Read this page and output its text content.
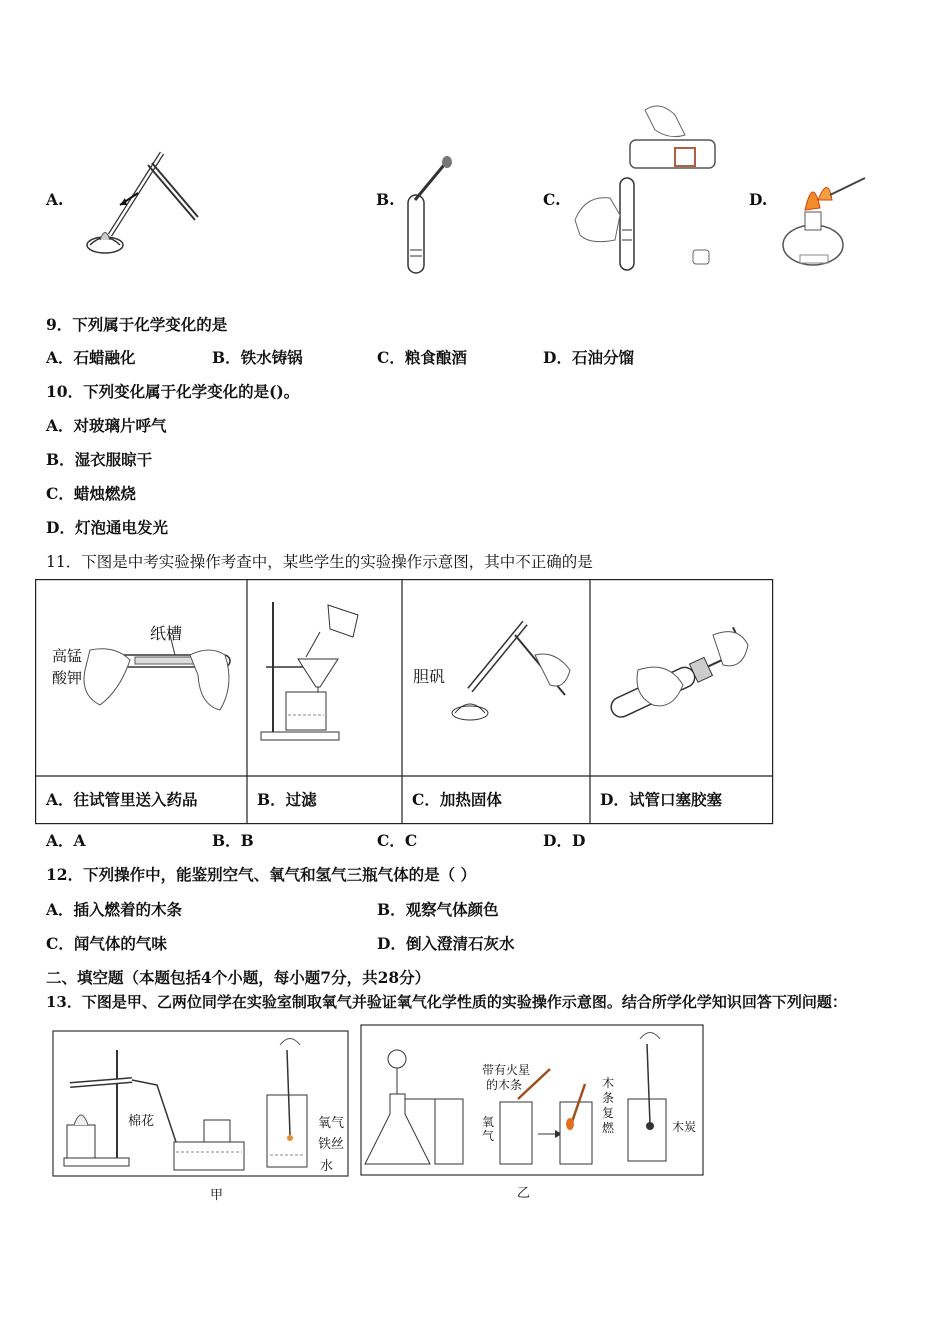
A.	B.	C.	D.
9．下列属于化学变化的是
A．石蜡融化	B．铁水铸锅	C．粮食酿酒	D．石油分馏
10．下列变化属于化学变化的是()。
A．对玻璃片呼气
B．湿衣服晾干
C．蜡烛燃烧
D．灯泡通电发光
11．下图是中考实验操作考查中，某些学生的实验操作示意图，其中不正确的是
纸槽
高锰
酸钾	胆矾
A．往试管里送入药品	B．过滤	C．加热固体	D．试管口塞胶塞
A．A	B．B	C．C	D．D
12．下列操作中，能鉴别空气、氧气和氢气三瓶气体的是（ ）
A．插入燃着的木条	B．观察气体颜色
C．闻气体的气味	D．倒入澄清石灰水
二、填空题（本题包括4个小题，每小题7分，共28分）
13．下图是甲、乙两位同学在实验室制取氧气并验证氧气化学性质的实验操作示意图。结合所学化学知识回答下列问题：
棉花	氧气
铁丝
水
甲
带有火星
的木条
氧气
木条复燃	木炭
乙
